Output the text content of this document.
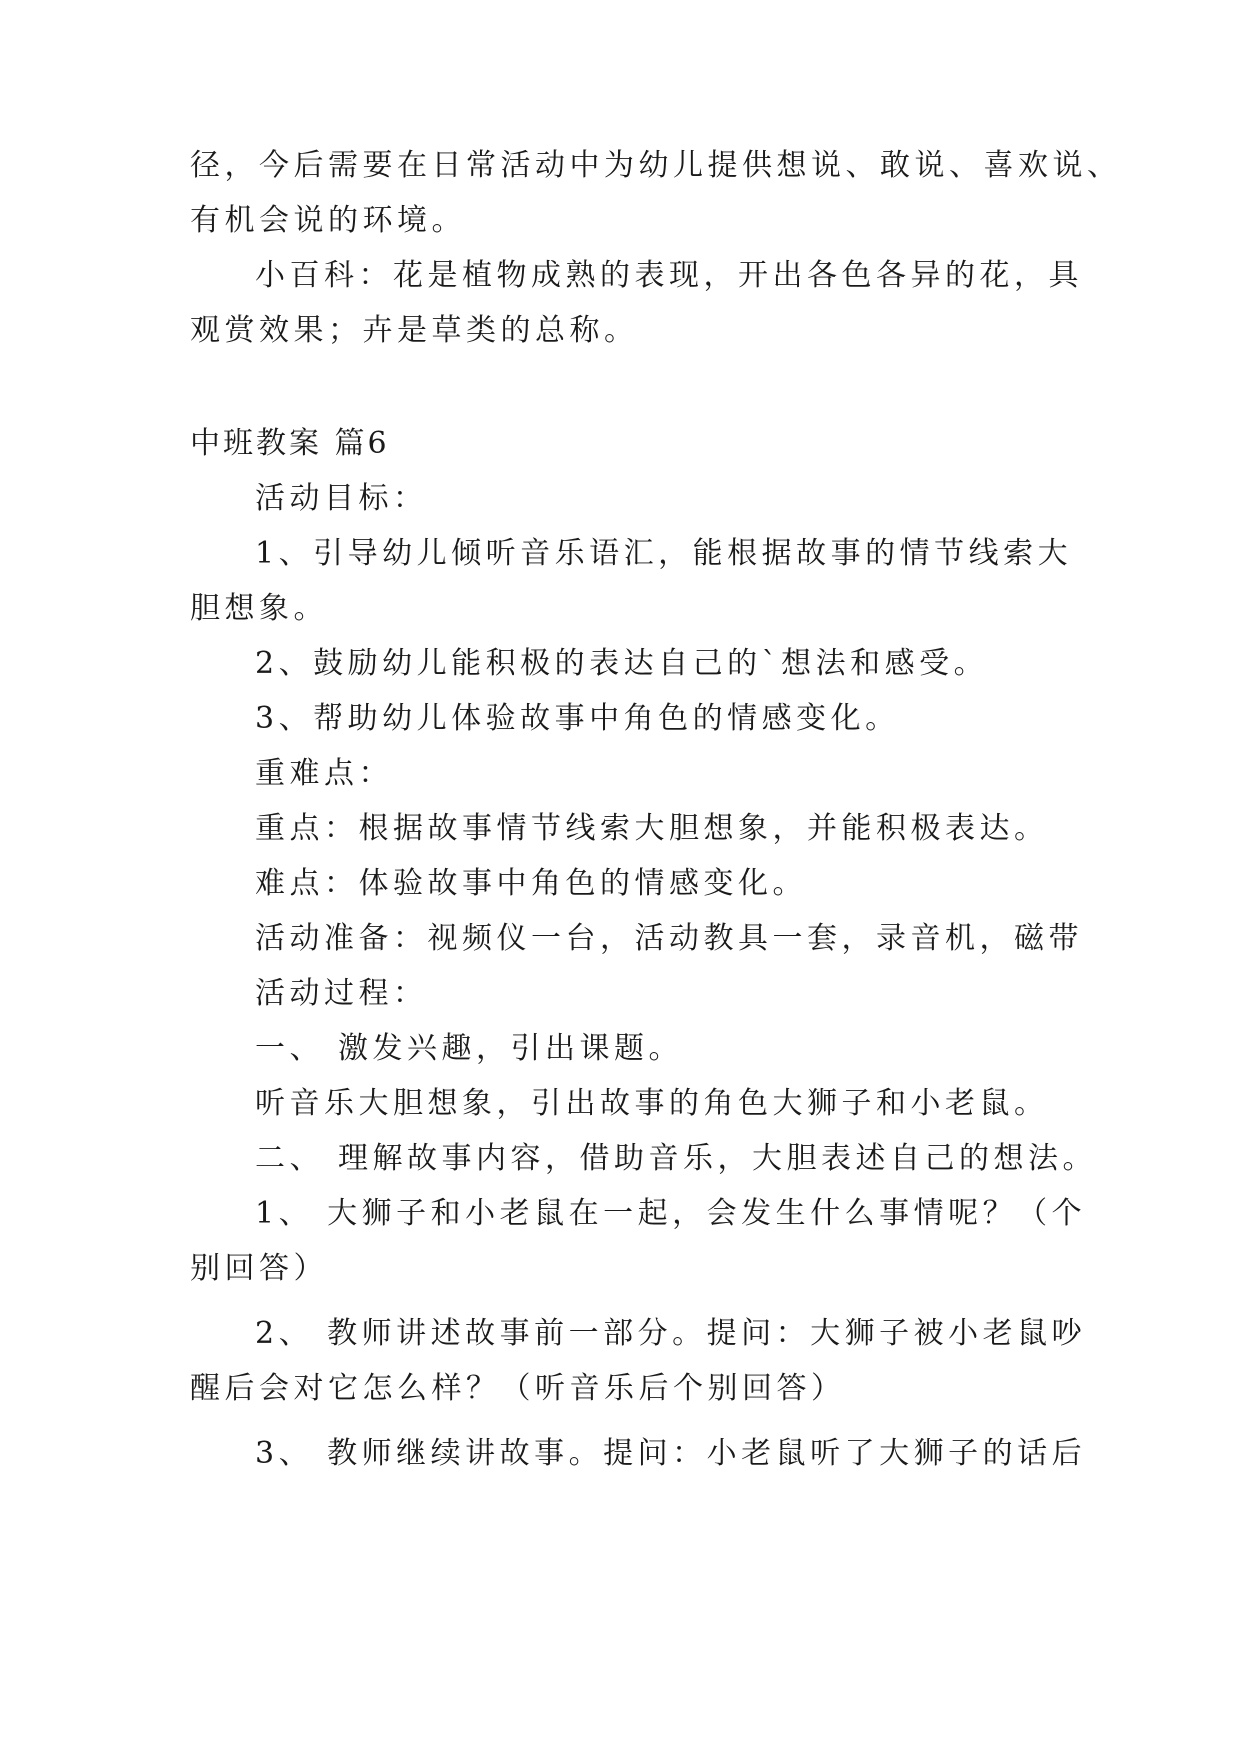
径，今后需要在日常活动中为幼儿提供想说、敢说、喜欢说、
有机会说的环境。
小百科：花是植物成熟的表现，开出各色各异的花，具
观赏效果；卉是草类的总称。
中班教案 篇6
活动目标：
1、引导幼儿倾听音乐语汇，能根据故事的情节线索大
胆想象。
2、鼓励幼儿能积极的表达自己的`想法和感受。
3、帮助幼儿体验故事中角色的情感变化。
重难点：
重点：根据故事情节线索大胆想象，并能积极表达。
难点：体验故事中角色的情感变化。
活动准备：视频仪一台，活动教具一套，录音机，磁带
活动过程：
一、 激发兴趣，引出课题。
听音乐大胆想象，引出故事的角色大狮子和小老鼠。
二、 理解故事内容，借助音乐，大胆表述自己的想法。
1、 大狮子和小老鼠在一起，会发生什么事情呢？（个
别回答）
2、 教师讲述故事前一部分。提问：大狮子被小老鼠吵
醒后会对它怎么样？（听音乐后个别回答）
3、 教师继续讲故事。提问：小老鼠听了大狮子的话后
